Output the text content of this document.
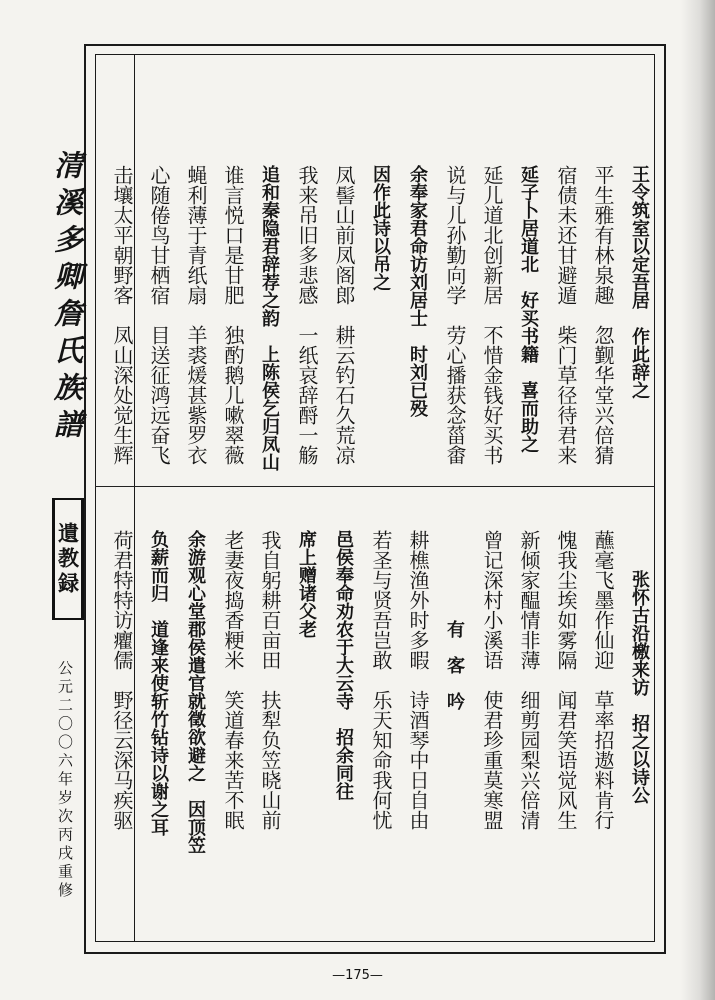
清溪多卿詹氏族譜
遺教録
公元二〇〇六年岁次丙戌重修
王令筑室以定吾居　作此辞之
平生雅有林泉趣　忽觐华堂兴倍猜
宿债未还甘避遁　柴门草径待君来
延子卜居道北　好买书籍　喜而助之
延儿道北创新居　不惜金钱好买书
说与儿孙勤向学　劳心播获念菑畬
余奉家君命访刘居士　时刘已殁
因作此诗以吊之
凤髻山前凤阁郎　耕云钓石久荒凉
我来吊旧多悲感　一纸哀辞酹一觞
追和秦隐君辞荐之韵　上陈侯乞归凤山
谁言悦口是甘肥　独酌鹅儿嗽翠薇
蝇利薄于青纸扇　羊裘煖甚紫罗衣
心随倦鸟甘栖宿　目送征鸿远奋飞
击壤太平朝野客　凤山深处觉生辉
张怀古沿檄来访　招之以诗公
蘸毫飞墨作仙迎　草率招遨料肯行
愧我尘埃如雾隔　闻君笑语觉风生
新倾家醖情非薄　细剪园梨兴倍清
曾记深村小溪语　使君珍重莫寒盟
有　客　吟
耕樵渔外时多暇　诗酒琴中日自由
若圣与贤吾岂敢　乐天知命我何忧
邑侯奉命劝农于大云寺　招余同往
席上赠诸父老
我自躬耕百亩田　扶犁负笠晓山前
老妻夜捣香粳米　笑道春来苦不眠
余游观心堂郡侯遣官就徵欲避之　因顶笠
负薪而归　道逢来使斩竹钻诗以谢之耳
荷君特特访癯儒　野径云深马疾驱
—175—
